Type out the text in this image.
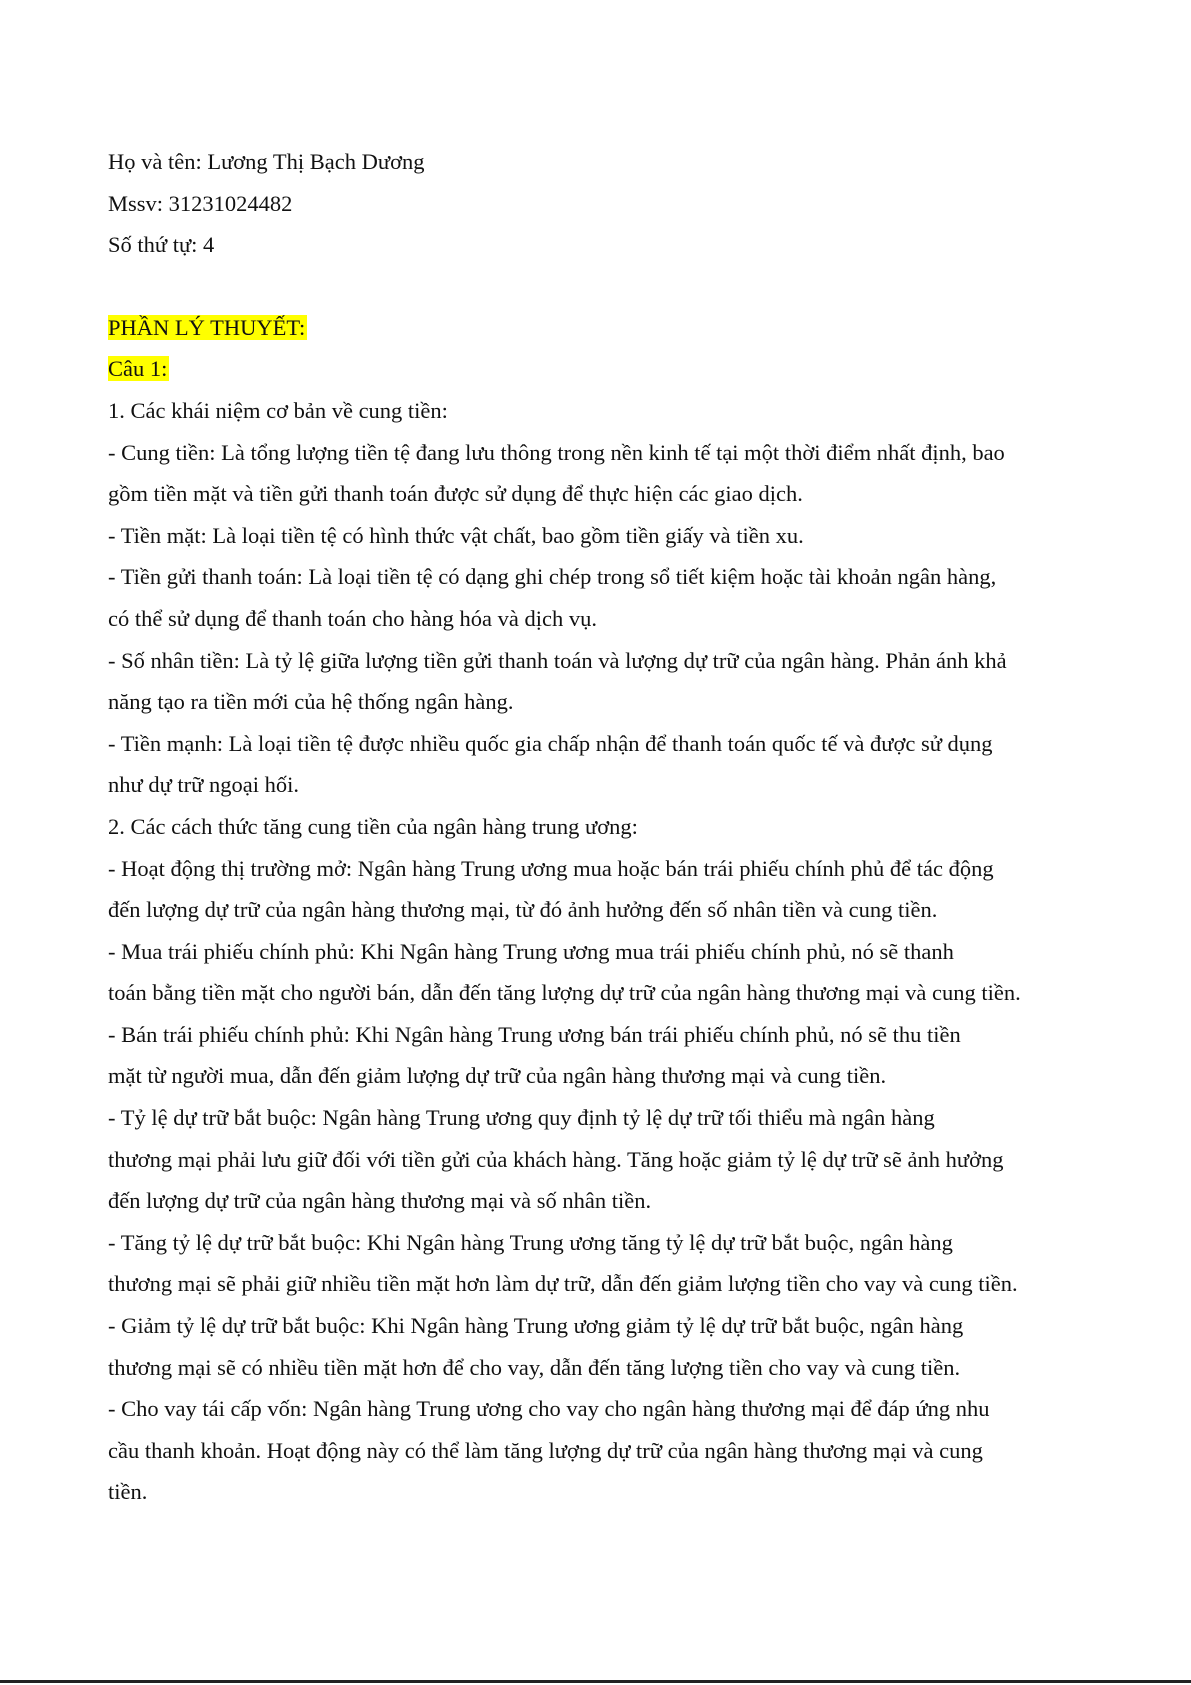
Họ và tên: Lương Thị Bạch Dương
Mssv: 31231024482
Số thứ tự: 4
PHẦN LÝ THUYẾT:
Câu 1:
1. Các khái niệm cơ bản về cung tiền:
- Cung tiền: Là tổng lượng tiền tệ đang lưu thông trong nền kinh tế tại một thời điểm nhất định, bao
gồm tiền mặt và tiền gửi thanh toán được sử dụng để thực hiện các giao dịch.
- Tiền mặt: Là loại tiền tệ có hình thức vật chất, bao gồm tiền giấy và tiền xu.
- Tiền gửi thanh toán: Là loại tiền tệ có dạng ghi chép trong sổ tiết kiệm hoặc tài khoản ngân hàng,
có thể sử dụng để thanh toán cho hàng hóa và dịch vụ.
- Số nhân tiền: Là tỷ lệ giữa lượng tiền gửi thanh toán và lượng dự trữ của ngân hàng. Phản ánh khả
năng tạo ra tiền mới của hệ thống ngân hàng.
- Tiền mạnh: Là loại tiền tệ được nhiều quốc gia chấp nhận để thanh toán quốc tế và được sử dụng
như dự trữ ngoại hối.
2. Các cách thức tăng cung tiền của ngân hàng trung ương:
- Hoạt động thị trường mở: Ngân hàng Trung ương mua hoặc bán trái phiếu chính phủ để tác động
đến lượng dự trữ của ngân hàng thương mại, từ đó ảnh hưởng đến số nhân tiền và cung tiền.
- Mua trái phiếu chính phủ: Khi Ngân hàng Trung ương mua trái phiếu chính phủ, nó sẽ thanh
toán bằng tiền mặt cho người bán, dẫn đến tăng lượng dự trữ của ngân hàng thương mại và cung tiền.
- Bán trái phiếu chính phủ: Khi Ngân hàng Trung ương bán trái phiếu chính phủ, nó sẽ thu tiền
mặt từ người mua, dẫn đến giảm lượng dự trữ của ngân hàng thương mại và cung tiền.
- Tỷ lệ dự trữ bắt buộc: Ngân hàng Trung ương quy định tỷ lệ dự trữ tối thiểu mà ngân hàng
thương mại phải lưu giữ đối với tiền gửi của khách hàng. Tăng hoặc giảm tỷ lệ dự trữ sẽ ảnh hưởng
đến lượng dự trữ của ngân hàng thương mại và số nhân tiền.
- Tăng tỷ lệ dự trữ bắt buộc: Khi Ngân hàng Trung ương tăng tỷ lệ dự trữ bắt buộc, ngân hàng
thương mại sẽ phải giữ nhiều tiền mặt hơn làm dự trữ, dẫn đến giảm lượng tiền cho vay và cung tiền.
- Giảm tỷ lệ dự trữ bắt buộc: Khi Ngân hàng Trung ương giảm tỷ lệ dự trữ bắt buộc, ngân hàng
thương mại sẽ có nhiều tiền mặt hơn để cho vay, dẫn đến tăng lượng tiền cho vay và cung tiền.
- Cho vay tái cấp vốn: Ngân hàng Trung ương cho vay cho ngân hàng thương mại để đáp ứng nhu
cầu thanh khoản. Hoạt động này có thể làm tăng lượng dự trữ của ngân hàng thương mại và cung
tiền.
